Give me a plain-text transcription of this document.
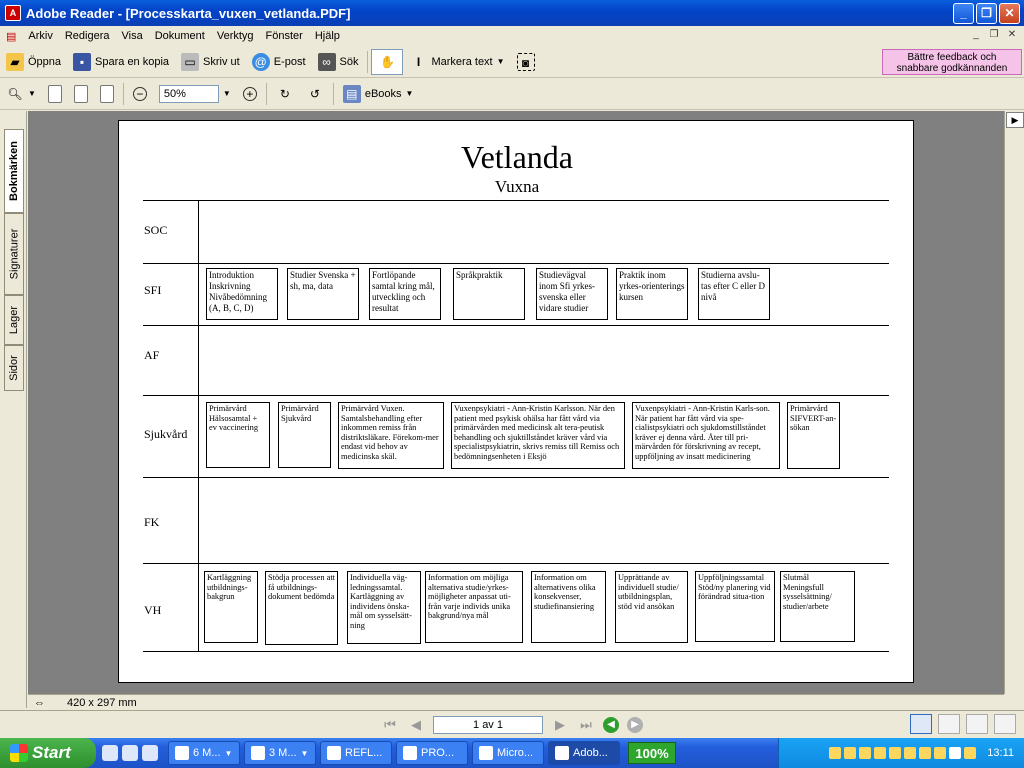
A Adobe Reader - [Processkarta_vuxen_vetlanda.PDF]	_	❐	✕
▤	Arkiv	Redigera	Visa	Dokument	Verktyg	Fönster	Hjälp	_	❐ ✕
▰ Öppna	▪ Spara en kopia ▭ Skriv ut @ E-post	∞ Sök ✋	I	Markera text ▼	◙	Bättre feedback och
snabbare godkännanden
🔍︎ ▼	−	50%	▼ +	↻	↺	▤ eBooks ▼
Bokmärken
Signaturer
Lager
Sidor
▶
Vetlanda
Vuxna
SOC
SFI
AF
Sjukvård
FK
VH
Introduktion Inskrivning Nivåbedömning (A, B, C, D)
Studier Svenska + sh, ma, data
Fortlöpande samtal kring mål, utveckling och resultat
Språkpraktik	Studievägval inom Sfi yrkes-svenska eller vidare studier
Praktik inom yrkes-orienterings kursen
Studierna avslu-tas efter C eller D nivå
Primärvård Hälsosamtal + ev vaccinering
Primärvård Sjukvård
Primärvård Vuxen. Samtalsbehandling efter inkommen remiss från distriktsläkare. Förekom-mer endast vid behov av medicinska skäl.
Vuxenpsykiatri - Ann-Kristin Karlsson. När den patient med psykisk ohälsa har fått vård via primärvården med medicinsk alt tera-peutisk behandling och sjuktillståndet kräver vård via specialistpsykiatrin, skrivs remiss till Remiss och bedömningsenheten i Eksjö
Vuxenpsykiatri - Ann-Kristin Karls-son. När patient har fått vård via spe-cialistpsykiatri och sjukdomstillståndet kräver ej denna vård. Åter till pri-märvården för förskrivning av recept, uppföljning av insatt medicinering
Primärvård SIFVERT-an-sökan
Kartläggning utbildnings-bakgrun
Stödja processen att få utbildnings-dokument bedömda
Individuella väg-ledningssamtal. Kartläggning av individens önska-mål om sysselsätt-ning
Information om möjliga alternativa studie/yrkes-möjligheter anpassat uti-från varje individs unika bakgrund/nya mål
Information om alternativens olika konsekvenser, studiefinansiering
Upprättande av individuell studie/ utbildningsplan, stöd vid ansökan
Uppföljningssamtal Stöd/ny planering vid förändrad situa-tion
Slutmål Meningsfull sysselsättning/ studier/arbete
⇔ 420 x 297 mm
⏮	◀	1 av 1	▶	⏭	◀	▶
Start	6 M... ▼	3 M... ▼	REFL...	PRO...	Micro...	Adob...	100%	13:11
